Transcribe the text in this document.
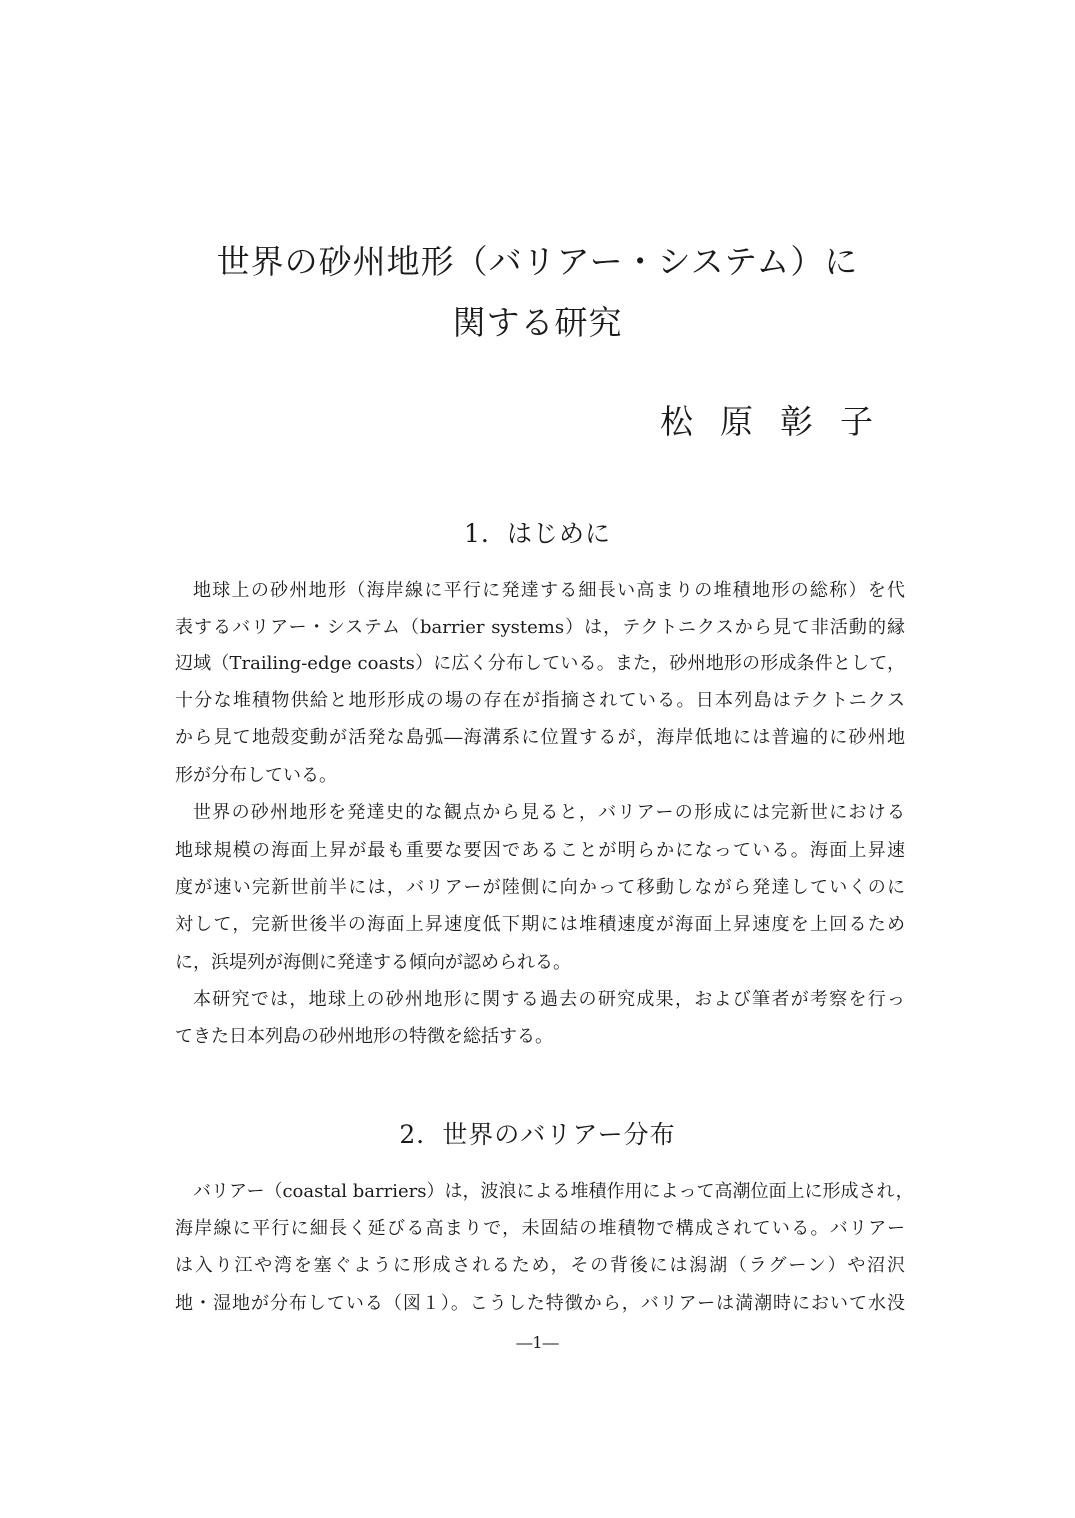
世界の砂州地形（バリアー・システム）に
関する研究
松原彰子
1．はじめに
地球上の砂州地形（海岸線に平行に発達する細長い高まりの堆積地形の総称）を代
表するバリアー・システム（barrier systems）は，テクトニクスから見て非活動的縁
辺域（Trailing-edge coasts）に広く分布している。また，砂州地形の形成条件として，
十分な堆積物供給と地形形成の場の存在が指摘されている。日本列島はテクトニクス
から見て地殻変動が活発な島弧―海溝系に位置するが，海岸低地には普遍的に砂州地
形が分布している。
世界の砂州地形を発達史的な観点から見ると，バリアーの形成には完新世における
地球規模の海面上昇が最も重要な要因であることが明らかになっている。海面上昇速
度が速い完新世前半には，バリアーが陸側に向かって移動しながら発達していくのに
対して，完新世後半の海面上昇速度低下期には堆積速度が海面上昇速度を上回るため
に，浜堤列が海側に発達する傾向が認められる。
本研究では，地球上の砂州地形に関する過去の研究成果，および筆者が考察を行っ
てきた日本列島の砂州地形の特徴を総括する。
2．世界のバリアー分布
バリアー（coastal barriers）は，波浪による堆積作用によって高潮位面上に形成され，
海岸線に平行に細長く延びる高まりで，未固結の堆積物で構成されている。バリアー
は入り江や湾を塞ぐように形成されるため，その背後には潟湖（ラグーン）や沼沢
地・湿地が分布している（図１）。こうした特徴から，バリアーは満潮時において水没
―1―
